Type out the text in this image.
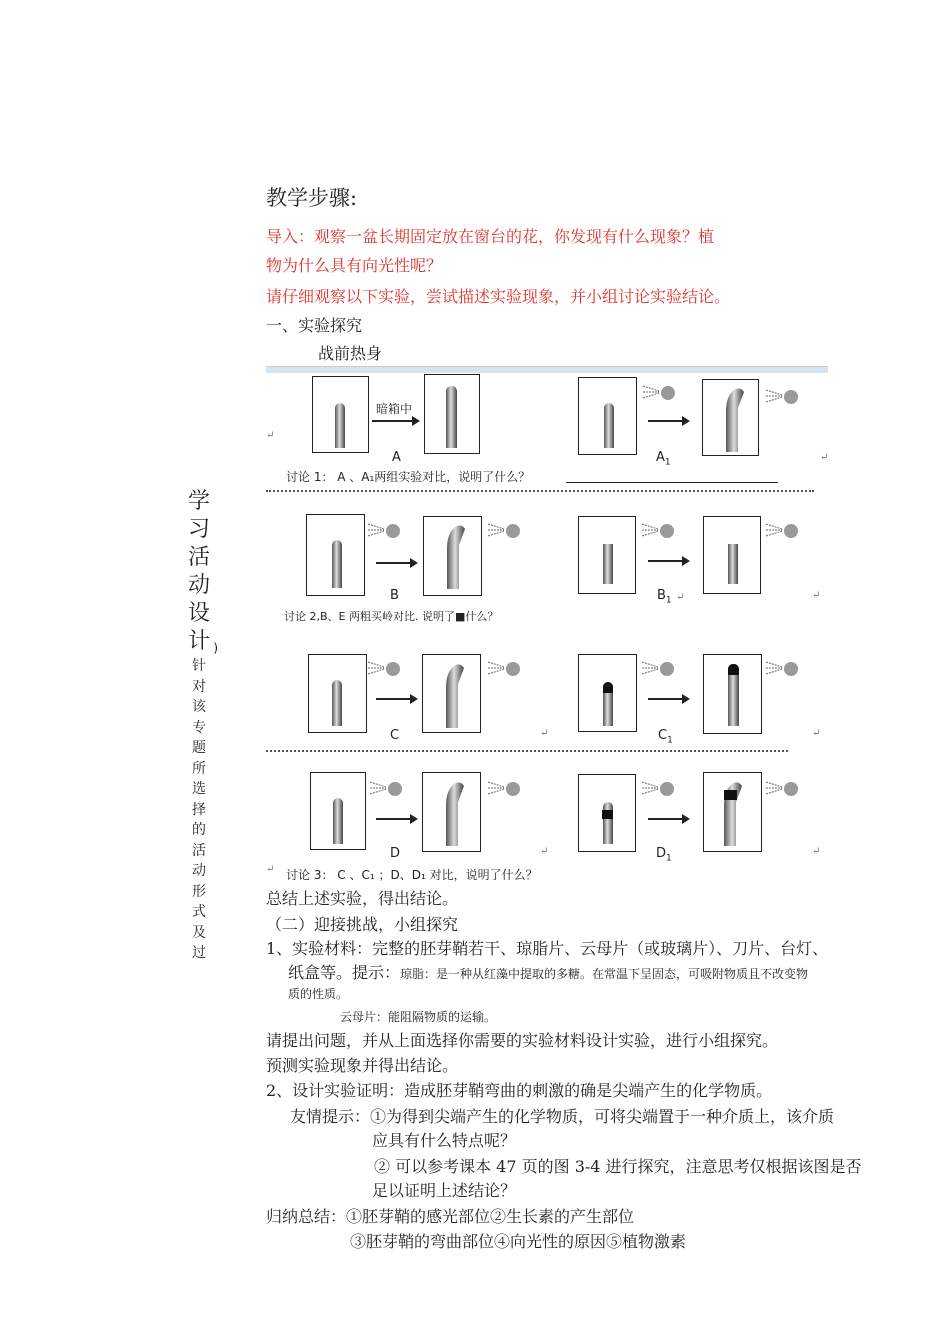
学
习
活
动
设
计 )
针
对
该
专
题
所
选
择
的
活
动
形
式
及
过
教学步骤:
导入：观察一盆长期固定放在窗台的花，你发现有什么现象？植
物为什么具有向光性呢？
请仔细观察以下实验，尝试描述实验现象，并小组讨论实验结论。
一、实验探究
战前热身
暗箱中
A	$A_1$
↵
↵
讨论 1： A 、A₁两组实验对比，说明了什么？
B	$B_1$ ↵	↵
讨论 2,B、E 两粗买岭对比. 说明了■什么？
C	$C_1$
↵	↵
D	$D_1$
↵	↵
↵ 讨论 3： C 、C₁ ；D、D₁ 对比，说明了什么？
总结上述实验，得出结论。
（二）迎接挑战，小组探究
1、实验材料：完整的胚芽鞘若干、琼脂片、云母片（或玻璃片）、刀片、台灯、
纸盒等。提示：琼脂：是一种从红藻中提取的多糖。在常温下呈固态，可吸附物质且不改变物
质的性质。
云母片：能阻隔物质的运输。
请提出问题，并从上面选择你需要的实验材料设计实验，进行小组探究。
预测实验现象并得出结论。
2、设计实验证明：造成胚芽鞘弯曲的刺激的确是尖端产生的化学物质。
友情提示：①为得到尖端产生的化学物质，可将尖端置于一种介质上，该介质
应具有什么特点呢？
② 可以参考课本 47 页的图 3-4 进行探究，注意思考仅根据该图是否
足以证明上述结论？
归纳总结：①胚芽鞘的感光部位②生长素的产生部位
③胚芽鞘的弯曲部位④向光性的原因⑤植物激素
